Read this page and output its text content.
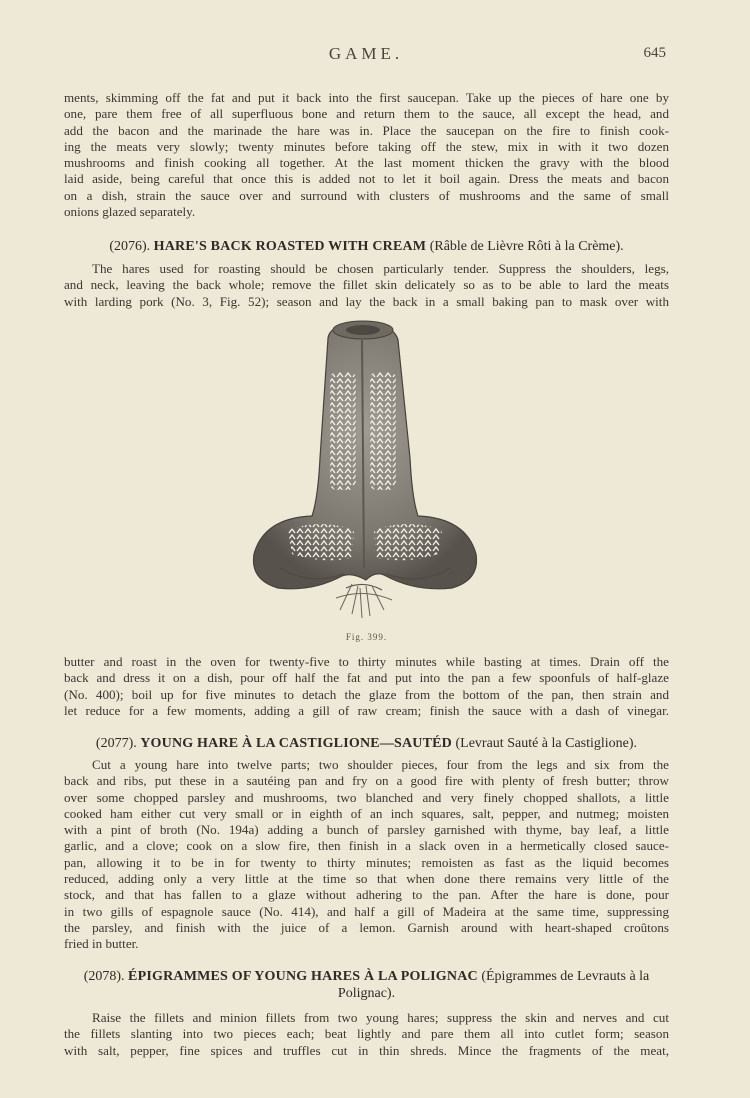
GAME.	645

ments, skimming off the fat and put it back into the first saucepan. Take up the pieces of hare one by

one, pare them free of all superfluous bone and return them to the sauce, all except the head, and

add the bacon and the marinade the hare was in. Place the saucepan on the fire to finish cook-

ing the meats very slowly; twenty minutes before taking off the stew, mix in with it two dozen

mushrooms and finish cooking all together. At the last moment thicken the gravy with the blood

laid aside, being careful that once this is added not to let it boil again. Dress the meats and bacon

on a dish, strain the sauce over and surround with clusters of mushrooms and the same of small

onions glazed separately.

(2076). HARE'S BACK ROASTED WITH CREAM (Râble de Lièvre Rôti à la Crème).

The hares used for roasting should be chosen particularly tender. Suppress the shoulders, legs,

and neck, leaving the back whole; remove the fillet skin delicately so as to be able to lard the meats

with larding pork (No. 3, Fig. 52); season and lay the back in a small baking pan to mask over with

Fig. 399.

butter and roast in the oven for twenty-five to thirty minutes while basting at times. Drain off the

back and dress it on a dish, pour off half the fat and put into the pan a few spoonfuls of half-glaze

(No. 400); boil up for five minutes to detach the glaze from the bottom of the pan, then strain and

let reduce for a few moments, adding a gill of raw cream; finish the sauce with a dash of vinegar.

(2077). YOUNG HARE À LA CASTIGLIONE—SAUTÉD (Levraut Sauté à la Castiglione).

Cut a young hare into twelve parts; two shoulder pieces, four from the legs and six from the

back and ribs, put these in a sautéing pan and fry on a good fire with plenty of fresh butter; throw

over some chopped parsley and mushrooms, two blanched and very finely chopped shallots, a little

cooked ham either cut very small or in eighth of an inch squares, salt, pepper, and nutmeg; moisten

with a pint of broth (No. 194a) adding a bunch of parsley garnished with thyme, bay leaf, a little

garlic, and a clove; cook on a slow fire, then finish in a slack oven in a hermetically closed sauce-

pan, allowing it to be in for twenty to thirty minutes; remoisten as fast as the liquid becomes

reduced, adding only a very little at the time so that when done there remains very little of the

stock, and that has fallen to a glaze without adhering to the pan. After the hare is done, pour

in two gills of espagnole sauce (No. 414), and half a gill of Madeira at the same time, suppressing

the parsley, and finish with the juice of a lemon. Garnish around with heart-shaped croûtons

fried in butter.

(2078). ÉPIGRAMMES OF YOUNG HARES À LA POLIGNAC (Épigrammes de Levrauts à la
Polignac).

Raise the fillets and minion fillets from two young hares; suppress the skin and nerves and cut

the fillets slanting into two pieces each; beat lightly and pare them all into cutlet form; season

with salt, pepper, fine spices and truffles cut in thin shreds. Mince the fragments of the meat,
